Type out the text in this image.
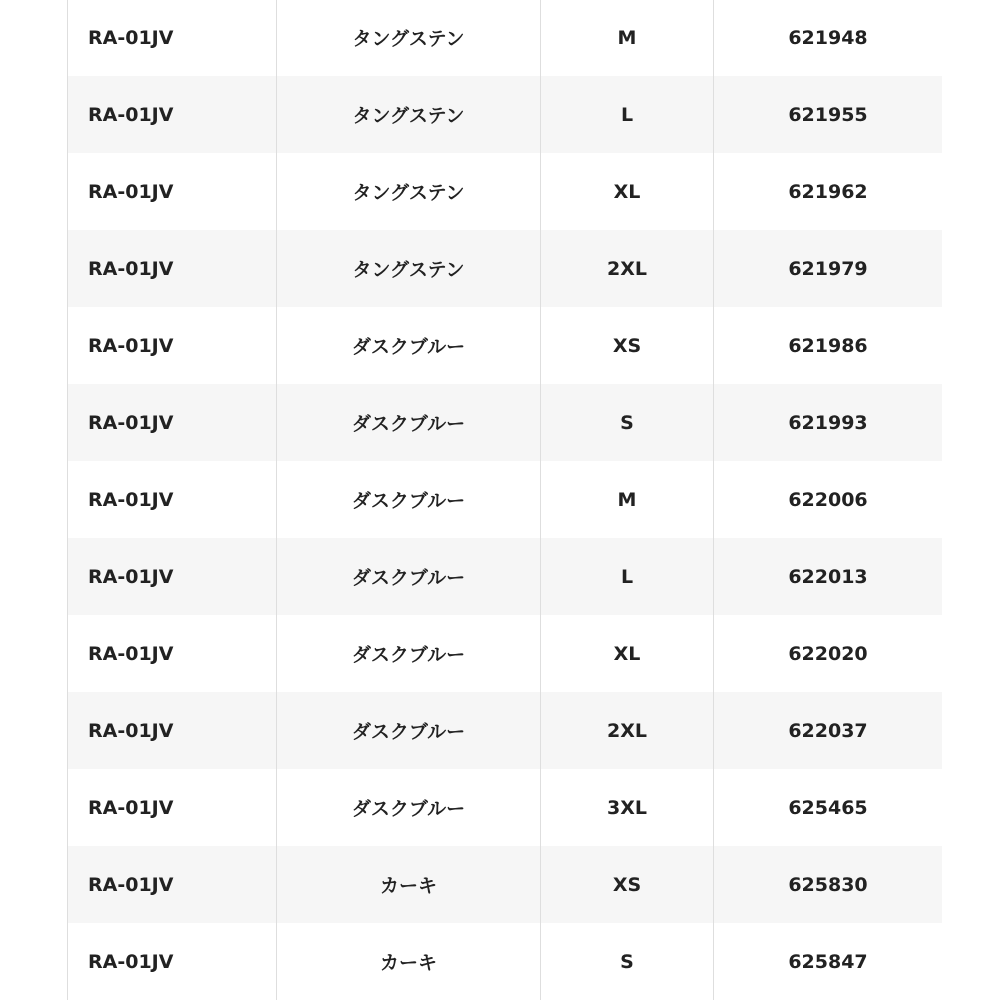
RA-01JV	タングステン	M	621948
RA-01JV	タングステン	L	621955
RA-01JV	タングステン	XL	621962
RA-01JV	タングステン	2XL	621979
RA-01JV	ダスクブルー	XS	621986
RA-01JV	ダスクブルー	S	621993
RA-01JV	ダスクブルー	M	622006
RA-01JV	ダスクブルー	L	622013
RA-01JV	ダスクブルー	XL	622020
RA-01JV	ダスクブルー	2XL	622037
RA-01JV	ダスクブルー	3XL	625465
RA-01JV	カーキ	XS	625830
RA-01JV	カーキ	S	625847
